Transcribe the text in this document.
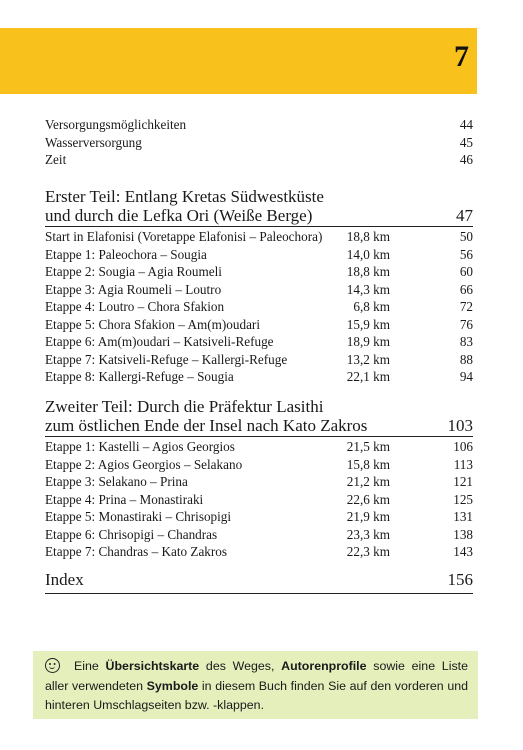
7
Versorgungsmöglichkeiten	44
Wasserversorgung	45
Zeit	46
Erster Teil: Entlang Kretas Südwestküste
und durch die Lefka Ori (Weiße Berge)	47
Start in Elafonisi (Voretappe Elafonisi – Paleochora)	18,8 km	50
Etappe 1: Paleochora – Sougia	14,0 km	56
Etappe 2: Sougia – Agia Roumeli	18,8 km	60
Etappe 3: Agia Roumeli – Loutro	14,3 km	66
Etappe 4: Loutro – Chora Sfakion	6,8 km	72
Etappe 5: Chora Sfakion – Am(m)oudari	15,9 km	76
Etappe 6: Am(m)oudari – Katsiveli-Refuge	18,9 km	83
Etappe 7: Katsiveli-Refuge – Kallergi-Refuge	13,2 km	88
Etappe 8: Kallergi-Refuge – Sougia	22,1 km	94
Zweiter Teil: Durch die Präfektur Lasithi
zum östlichen Ende der Insel nach Kato Zakros	103
Etappe 1: Kastelli – Agios Georgios	21,5 km	106
Etappe 2: Agios Georgios – Selakano	15,8 km	113
Etappe 3: Selakano – Prina	21,2 km	121
Etappe 4: Prina – Monastiraki	22,6 km	125
Etappe 5: Monastiraki – Chrisopigi	21,9 km	131
Etappe 6: Chrisopigi – Chandras	23,3 km	138
Etappe 7: Chandras – Kato Zakros	22,3 km	143
Index	156
Eine Übersichtskarte des Weges, Autorenprofile sowie eine Liste aller verwendeten Symbole in diesem Buch finden Sie auf den vorderen und hinteren Umschlagseiten bzw. -klappen.
